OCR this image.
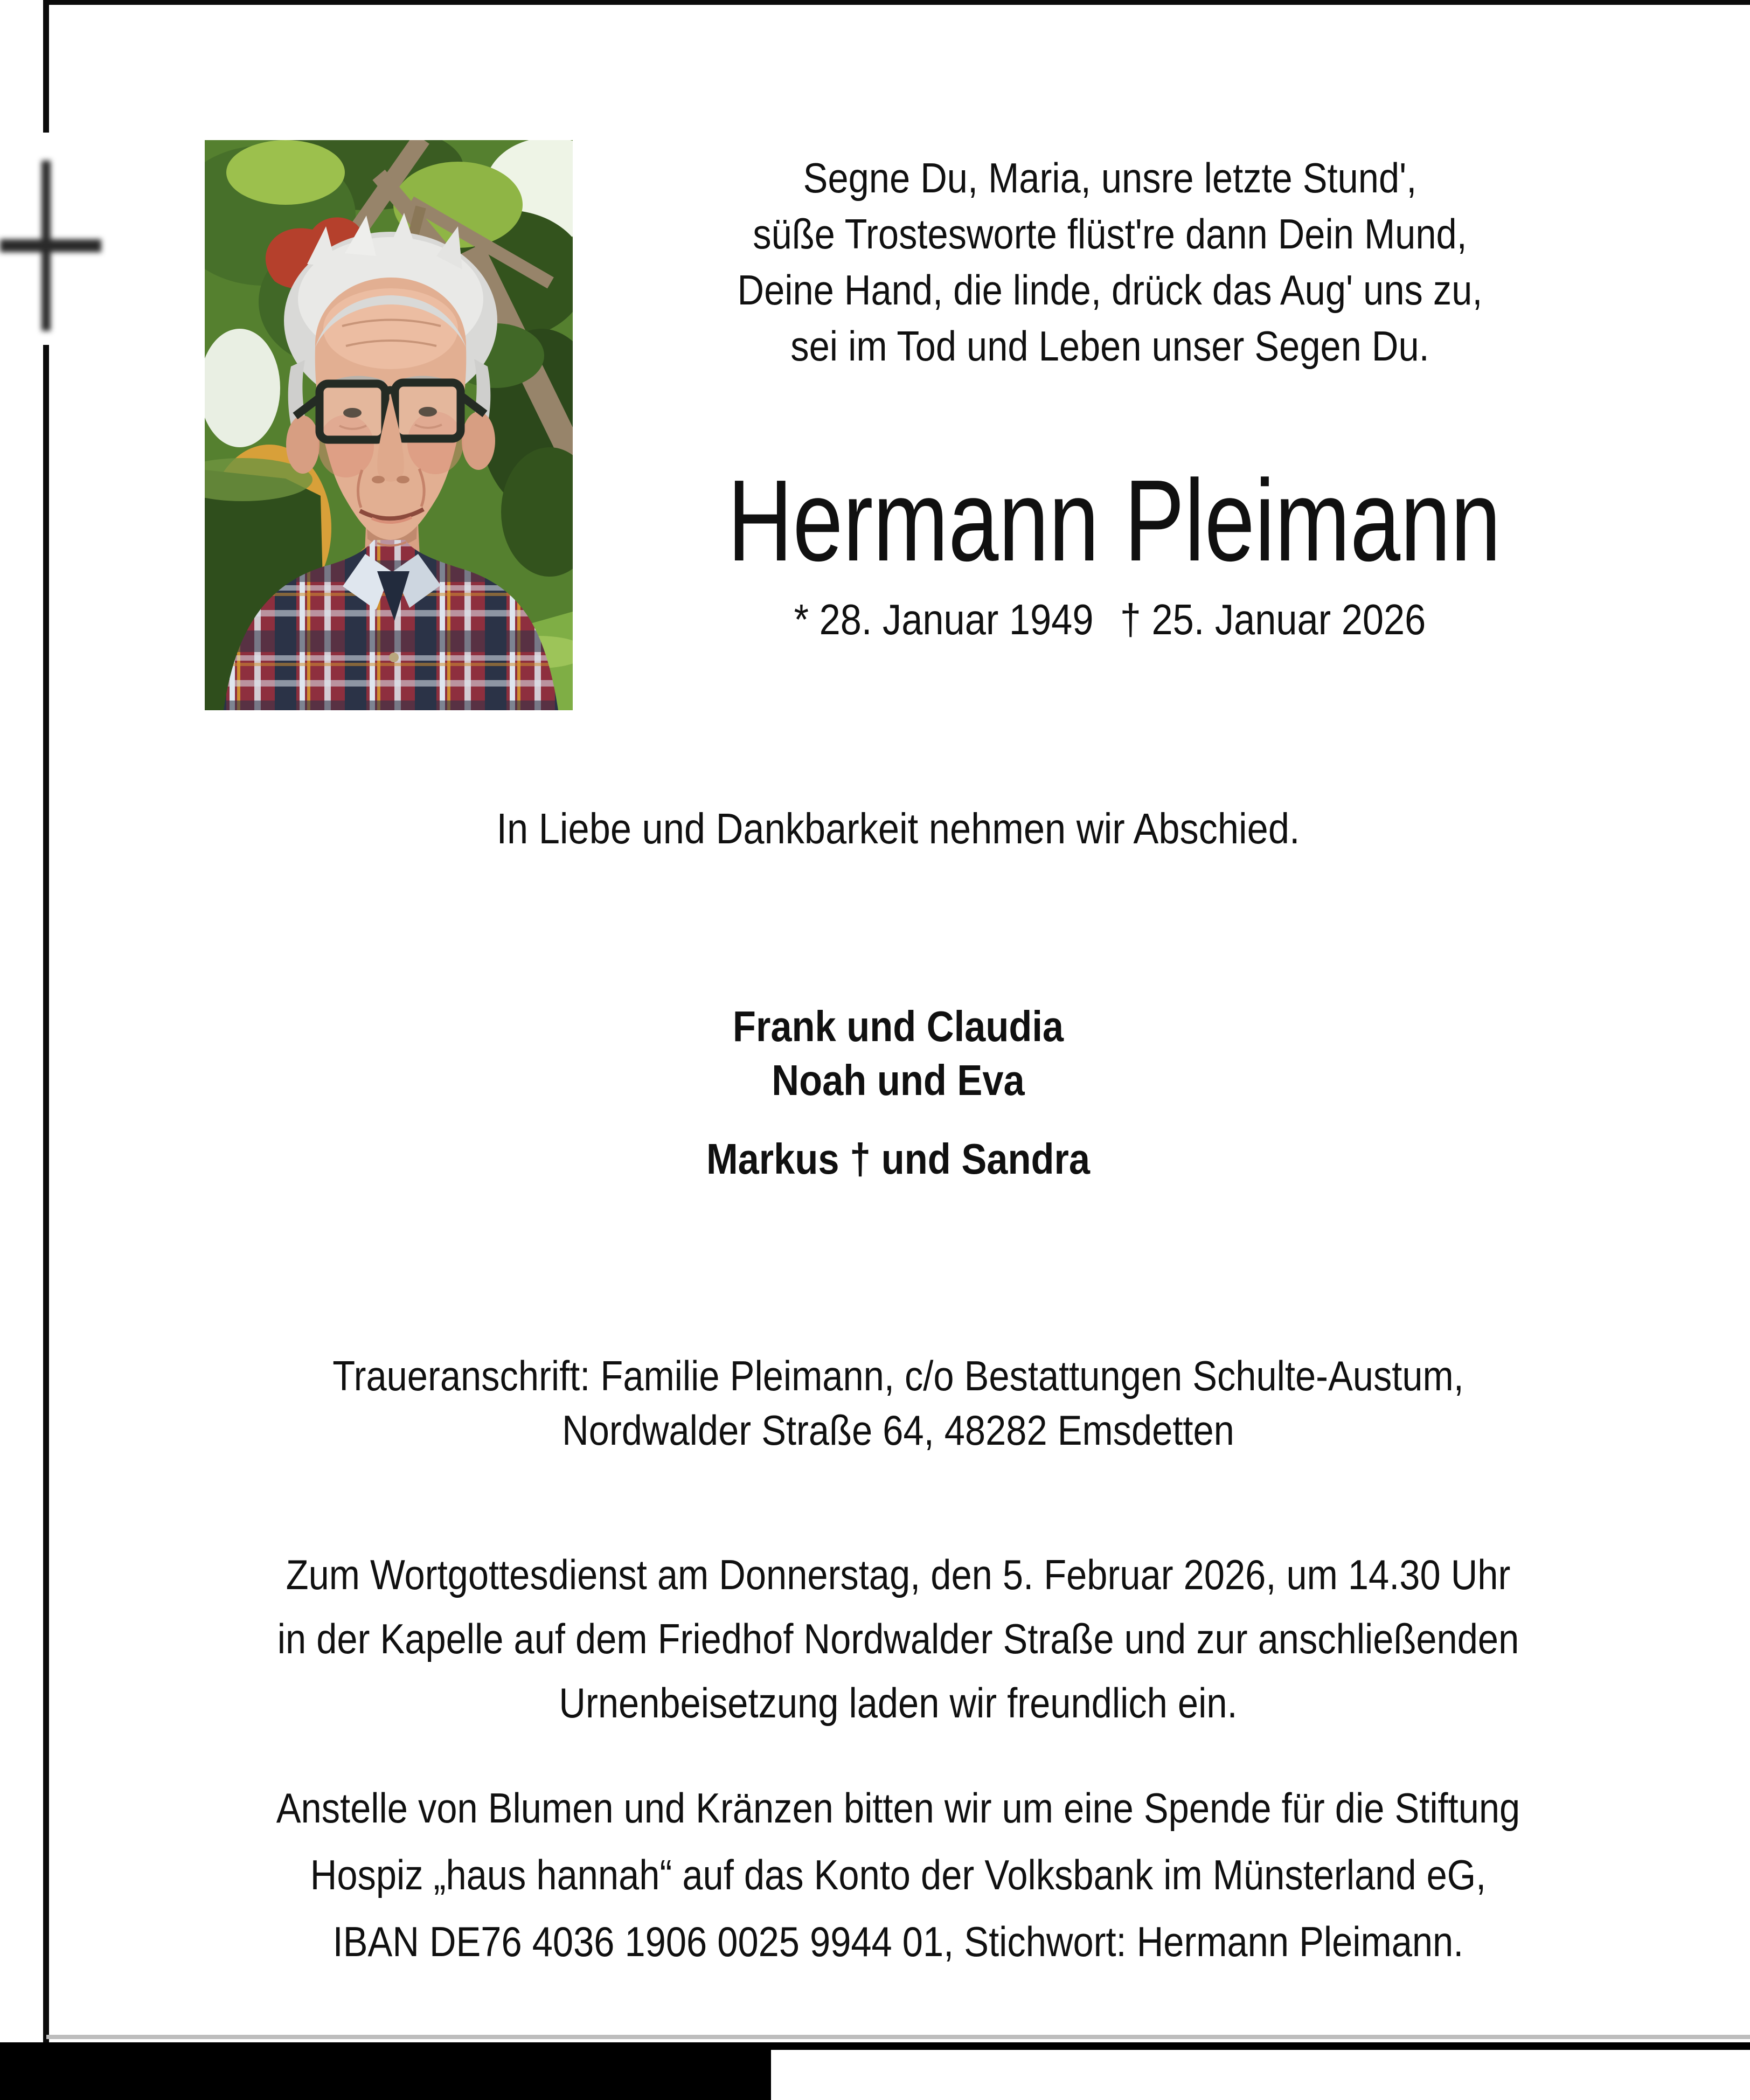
Segne Du, Maria, unsre letzte Stund',
süße Trostesworte flüst're dann Dein Mund,
Deine Hand, die linde, drück das Aug' uns zu,
sei im Tod und Leben unser Segen Du.
Hermann Pleimann
* 28. Januar 1949 † 25. Januar 2026
In Liebe und Dankbarkeit nehmen wir Abschied.
Frank und Claudia
Noah und Eva
Markus † und Sandra
Traueranschrift: Familie Pleimann, c/o Bestattungen Schulte-Austum,
Nordwalder Straße 64, 48282 Emsdetten
Zum Wortgottesdienst am Donnerstag, den 5. Februar 2026, um 14.30 Uhr
in der Kapelle auf dem Friedhof Nordwalder Straße und zur anschließenden
Urnenbeisetzung laden wir freundlich ein.
Anstelle von Blumen und Kränzen bitten wir um eine Spende für die Stiftung
Hospiz „haus hannah“ auf das Konto der Volksbank im Münsterland eG,
IBAN DE76 4036 1906 0025 9944 01, Stichwort: Hermann Pleimann.
